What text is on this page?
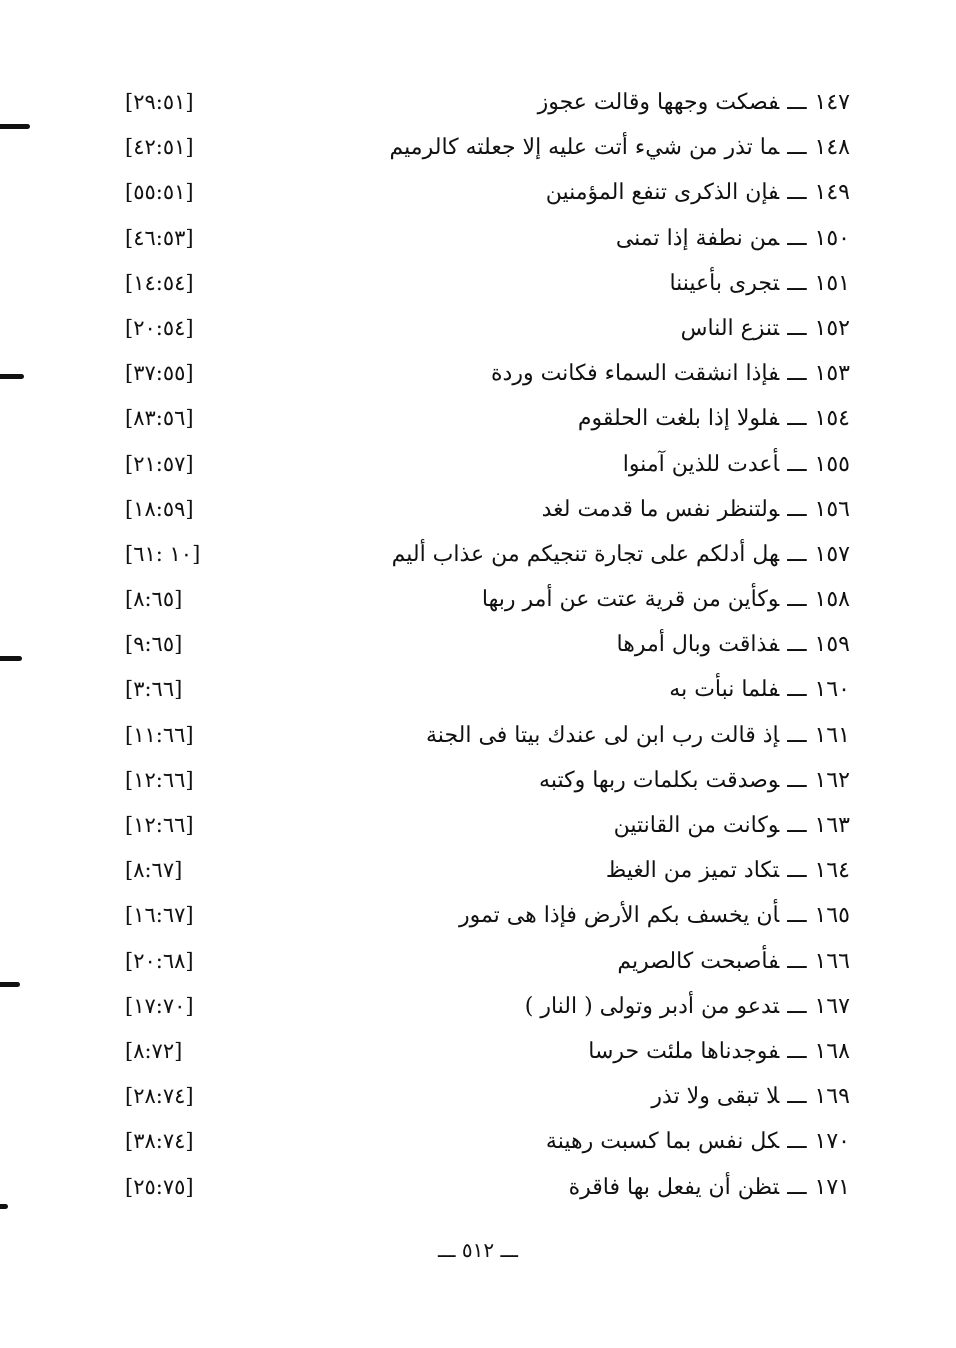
١٤٧ـــفصكت وجهها وقالت عجوز
[٢٩:٥١]
١٤٨ـــما تذر من شيء أتت عليه إلا جعلته كالرميم
[٤٢:٥١]
١٤٩ـــفإن الذكرى تنفع المؤمنين
[٥٥:٥١]
١٥٠ـــمن نطفة إذا تمنى
[٤٦:٥٣]
١٥١ـــتجرى بأعيننا
[١٤:٥٤]
١٥٢ـــتنزع الناس
[٢٠:٥٤]
١٥٣ـــفإذا انشقت السماء فكانت وردة
[٣٧:٥٥]
١٥٤ـــفلولا إذا بلغت الحلقوم
[٨٣:٥٦]
١٥٥ـــأعدت للذين آمنوا
[٢١:٥٧]
١٥٦ـــولتنظر نفس ما قدمت لغد
[١٨:٥٩]
١٥٧ـــهل أدلكم على تجارة تنجيكم من عذاب أليم
[١٠ :٦١]
١٥٨ـــوكأين من قرية عتت عن أمر ربها
[٨:٦٥]
١٥٩ـــفذاقت وبال أمرها
[٩:٦٥]
١٦٠ـــفلما نبأت به
[٣:٦٦]
١٦١ـــإذ قالت رب ابن لى عندك بيتا فى الجنة
[١١:٦٦]
١٦٢ـــوصدقت بكلمات ربها وكتبه
[١٢:٦٦]
١٦٣ـــوكانت من القانتين
[١٢:٦٦]
١٦٤ـــتكاد تميز من الغيظ
[٨:٦٧]
١٦٥ـــأن يخسف بكم الأرض فإذا هى تمور
[١٦:٦٧]
١٦٦ـــفأصبحت كالصريم
[٢٠:٦٨]
١٦٧ـــتدعو من أدبر وتولى ( النار )
[١٧:٧٠]
١٦٨ـــفوجدناها ملئت حرسا
[٨:٧٢]
١٦٩ـــلا تبقى ولا تذر
[٢٨:٧٤]
١٧٠ـــكل نفس بما كسبت رهينة
[٣٨:٧٤]
١٧١ـــتظن أن يفعل بها فاقرة
[٢٥:٧٥]
ـــ ٥١٢ ـــ
